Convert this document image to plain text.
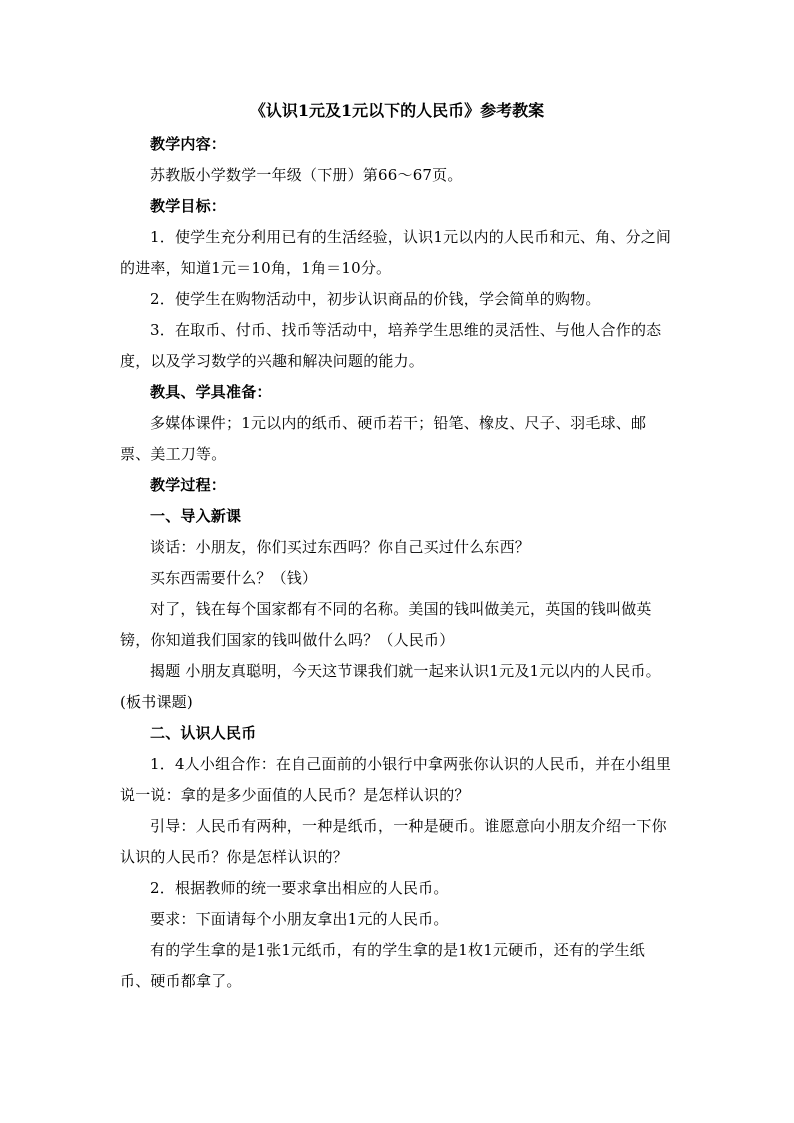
《认识1元及1元以下的人民币》参考教案

教学内容：

苏教版小学数学一年级（下册）第66～67页。

教学目标：

1．使学生充分利用已有的生活经验，认识1元以内的人民币和元、角、分之间的进率，知道1元＝10角，1角＝10分。

2．使学生在购物活动中，初步认识商品的价钱，学会简单的购物。

3．在取币、付币、找币等活动中，培养学生思维的灵活性、与他人合作的态度，以及学习数学的兴趣和解决问题的能力。

教具、学具准备：

多媒体课件；1元以内的纸币、硬币若干；铅笔、橡皮、尺子、羽毛球、邮票、美工刀等。

教学过程：

一、导入新课

谈话：小朋友，你们买过东西吗？你自己买过什么东西？

买东西需要什么？（钱）

对了，钱在每个国家都有不同的名称。美国的钱叫做美元，英国的钱叫做英镑，你知道我们国家的钱叫做什么吗？（人民币）

揭题 小朋友真聪明，今天这节课我们就一起来认识1元及1元以内的人民币。(板书课题)

二、认识人民币

1．4人小组合作：在自己面前的小银行中拿两张你认识的人民币，并在小组里说一说：拿的是多少面值的人民币？是怎样认识的？

引导：人民币有两种，一种是纸币，一种是硬币。谁愿意向小朋友介绍一下你认识的人民币？你是怎样认识的？

2．根据教师的统一要求拿出相应的人民币。

要求：下面请每个小朋友拿出1元的人民币。

有的学生拿的是1张1元纸币，有的学生拿的是1枚1元硬币，还有的学生纸币、硬币都拿了。
